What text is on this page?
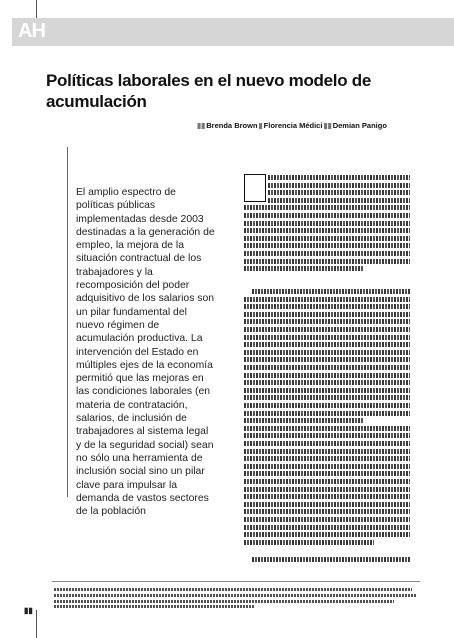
AH
Políticas laborales en el nuevo modelo de acumulación
▮▮Brenda Brown▮Florencia Médici▮▮Demian Panigo
El amplio espectro de políticas públicas implementadas desde 2003 destinadas a la generación de empleo, la mejora de la situación contractual de los trabajadores y la recomposición del poder adquisitivo de los salarios son un pilar fundamental del nuevo régimen de acumulación productiva. La intervención del Estado en múltiples ejes de la economía permitió que las mejoras en las condiciones laborales (en materia de contratación, salarios, de inclusión de trabajadores al sistema legal y de la seguridad social) sean no sólo una herramienta de inclusión social sino un pilar clave para impulsar la demanda de vastos sectores de la población
▮▮
